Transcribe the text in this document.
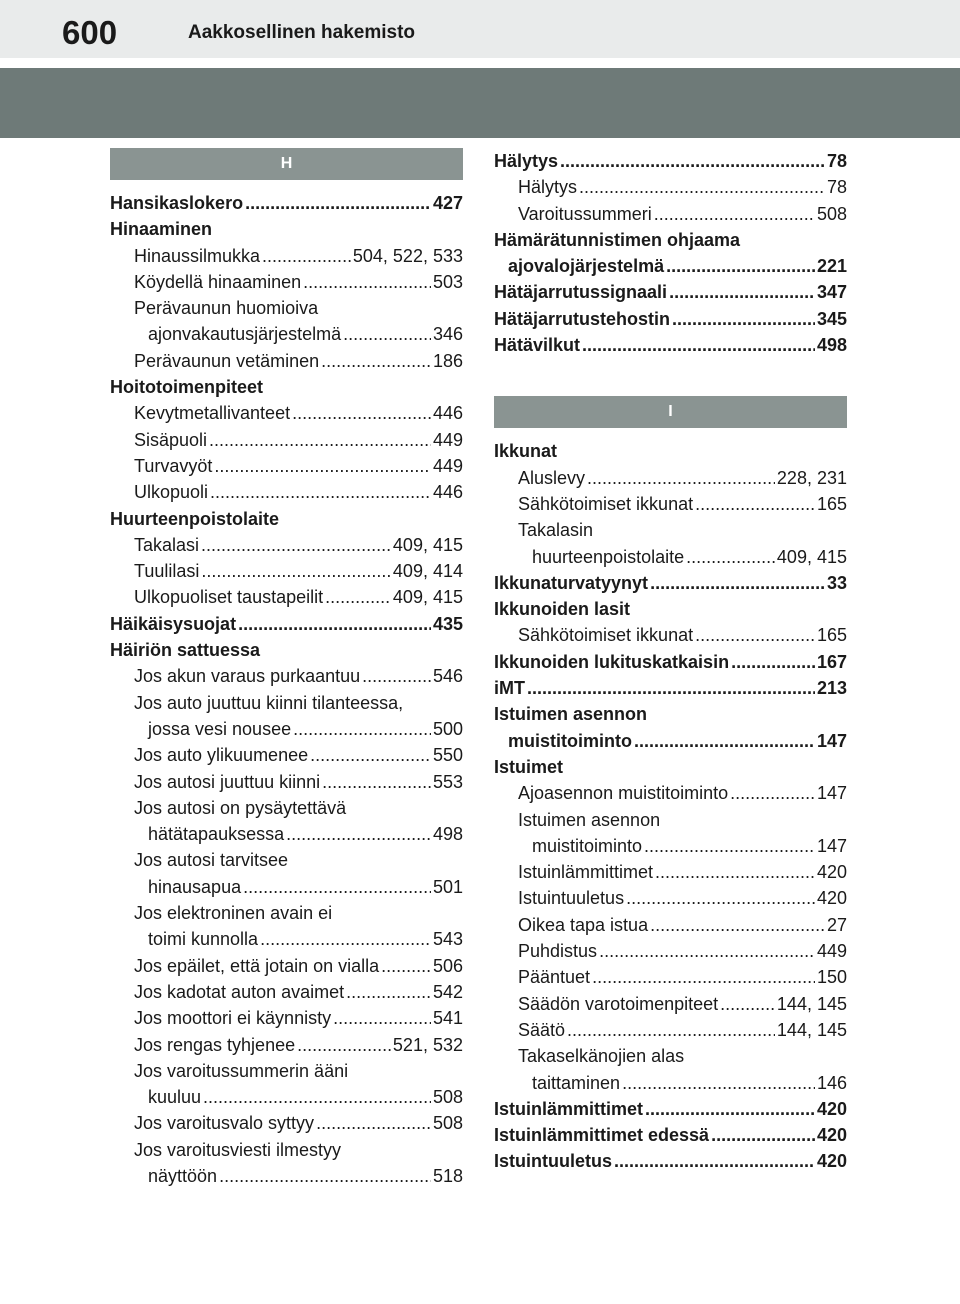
600	Aakkosellinen hakemisto
H
Hansikaslokero .....	427
Hinaaminen
Hinaussilmukka .....	504, 522, 533
Köydellä hinaaminen .....	503
Perävaunun huomioiva
ajonvakautusjärjestelmä .....	346
Perävaunun vetäminen .....	186
Hoitotoimenpiteet
Kevytmetallivanteet .....	446
Sisäpuoli .....	449
Turvavyöt .....	449
Ulkopuoli .....	446
Huurteenpoistolaite
Takalasi .....	409, 415
Tuulilasi .....	409, 414
Ulkopuoliset taustapeilit .....	409, 415
Häikäisysuojat .....	435
Häiriön sattuessa
Jos akun varaus purkaantuu .....	546
Jos auto juuttuu kiinni tilanteessa,
jossa vesi nousee .....	500
Jos auto ylikuumenee .....	550
Jos autosi juuttuu kiinni .....	553
Jos autosi on pysäytettävä
hätätapauksessa .....	498
Jos autosi tarvitsee
hinausapua .....	501
Jos elektroninen avain ei
toimi kunnolla .....	543
Jos epäilet, että jotain on vialla .....	506
Jos kadotat auton avaimet .....	542
Jos moottori ei käynnisty .....	541
Jos rengas tyhjenee .....	521, 532
Jos varoitussummerin ääni
kuuluu .....	508
Jos varoitusvalo syttyy .....	508
Jos varoitusviesti ilmestyy
näyttöön .....	518
Hälytys .....	78
Hälytys .....	78
Varoitussummeri .....	508
Hämärätunnistimen ohjaama
ajovalojärjestelmä .....	221
Hätäjarrutussignaali .....	347
Hätäjarrutustehostin .....	345
Hätävilkut .....	498
I
Ikkunat
Aluslevy .....	228, 231
Sähkötoimiset ikkunat .....	165
Takalasin
huurteenpoistolaite .....	409, 415
Ikkunaturvatyynyt .....	33
Ikkunoiden lasit
Sähkötoimiset ikkunat .....	165
Ikkunoiden lukituskatkaisin .....	167
iMT .....	213
Istuimen asennon
muistitoiminto .....	147
Istuimet
Ajoasennon muistitoiminto .....	147
Istuimen asennon
muistitoiminto .....	147
Istuinlämmittimet .....	420
Istuintuuletus .....	420
Oikea tapa istua .....	27
Puhdistus .....	449
Pääntuet .....	150
Säädön varotoimenpiteet .....	144, 145
Säätö .....	144, 145
Takaselkänojien alas
taittaminen .....	146
Istuinlämmittimet .....	420
Istuinlämmittimet edessä .....	420
Istuintuuletus .....	420
